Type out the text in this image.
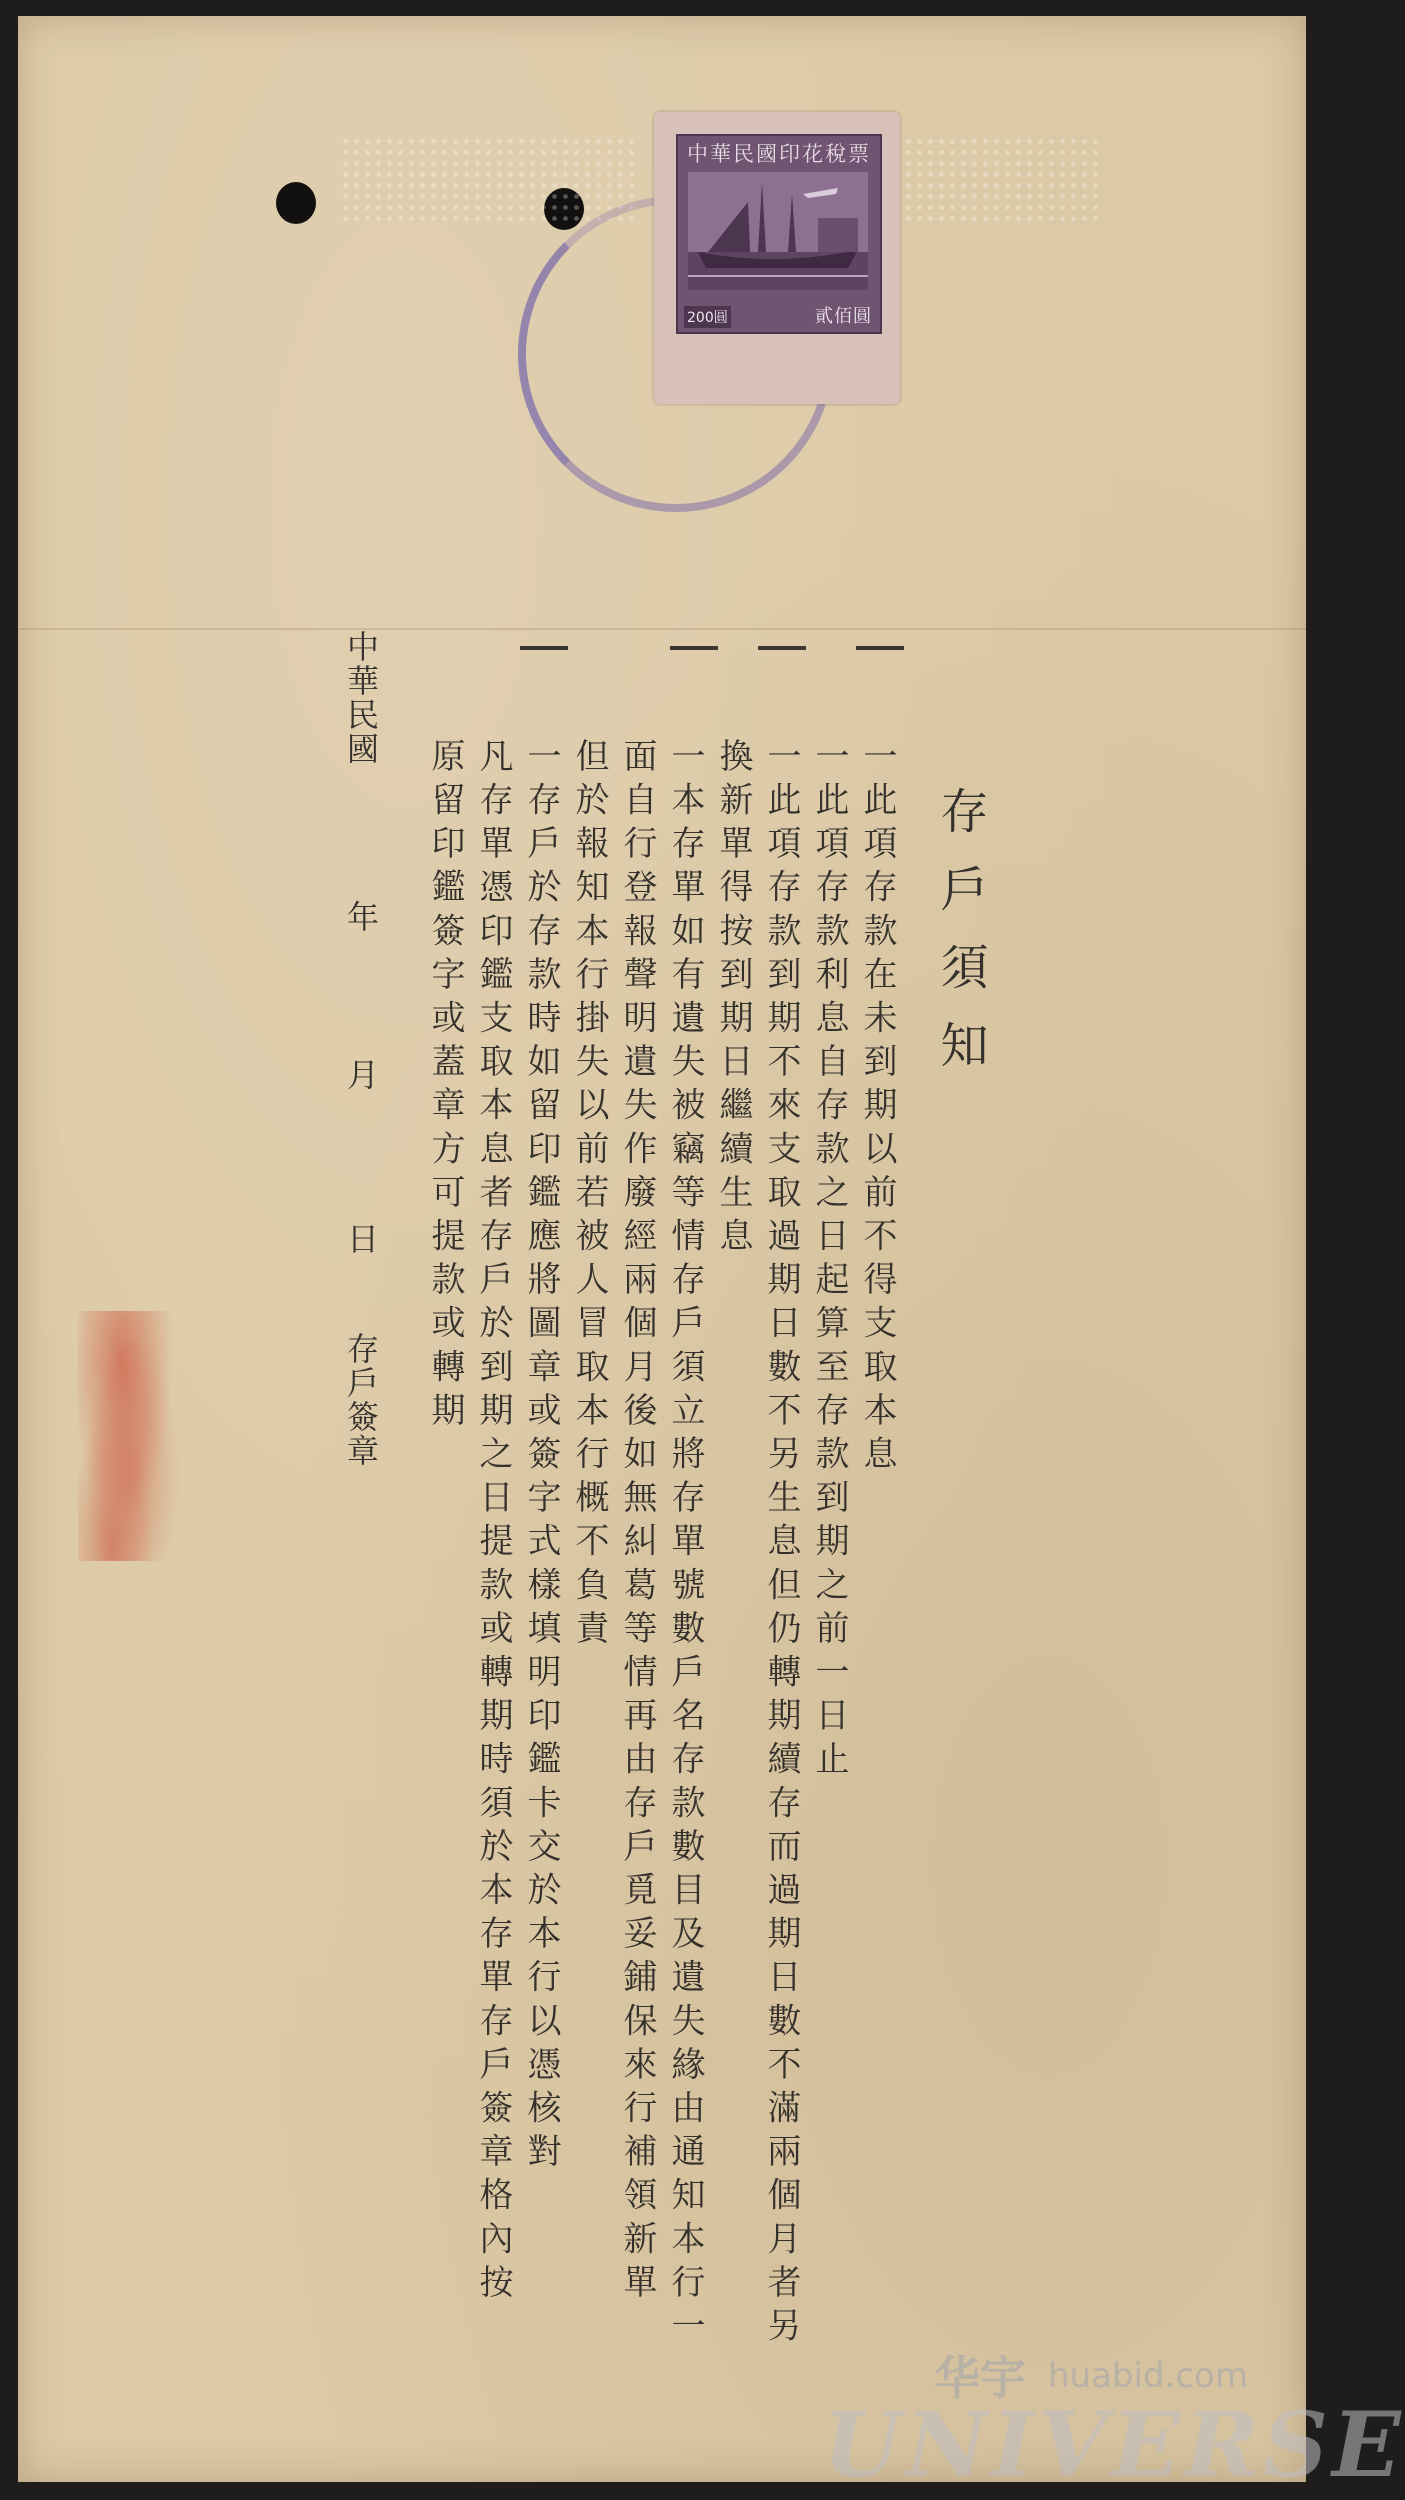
中華民國印花稅票
200圓	貳佰圓
存戶須知
一此項存款在未到期以前不得支取本息
一此項存款利息自存款之日起算至存款到期之前一日止
一此項存款到期不來支取過期日數不另生息但仍轉期續存而過期日數不滿兩個月者另
換新單得按到期日繼續生息
一本存單如有遺失被竊等情存戶須立將存單號數戶名存款數目及遺失緣由通知本行一
面自行登報聲明遺失作廢經兩個月後如無糾葛等情再由存戶覓妥鋪保來行補領新單
但於報知本行掛失以前若被人冒取本行概不負責
一存戶於存款時如留印鑑應將圖章或簽字式樣填明印鑑卡交於本行以憑核對
凡存單憑印鑑支取本息者存戶於到期之日提款或轉期時須於本存單存戶簽章格內按
原留印鑑簽字或蓋章方可提款或轉期
中華民國
年
月
日
存戶簽章
华宇 huabid.com
UNIVERSE
